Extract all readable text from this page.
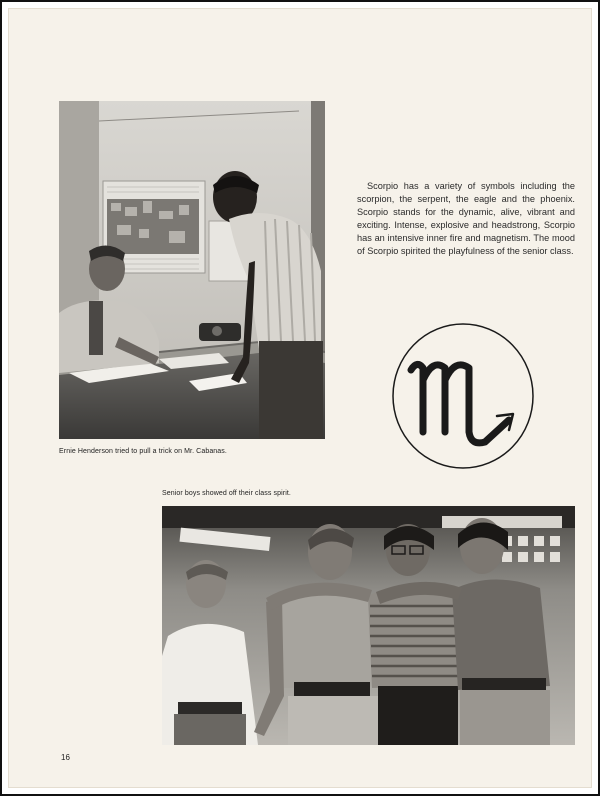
Ernie Henderson tried to pull a trick on Mr. Cabanas.

Scorpio has a variety of symbols including the scorpion, the serpent, the eagle and the phoenix. Scorpio stands for the dynamic, alive, vibrant and exciting. Intense, explosive and headstrong, Scorpio has an intensive inner fire and magnetism. The mood of Scorpio spirited the playfulness of the senior class.

Senior boys showed off their class spirit.
16
